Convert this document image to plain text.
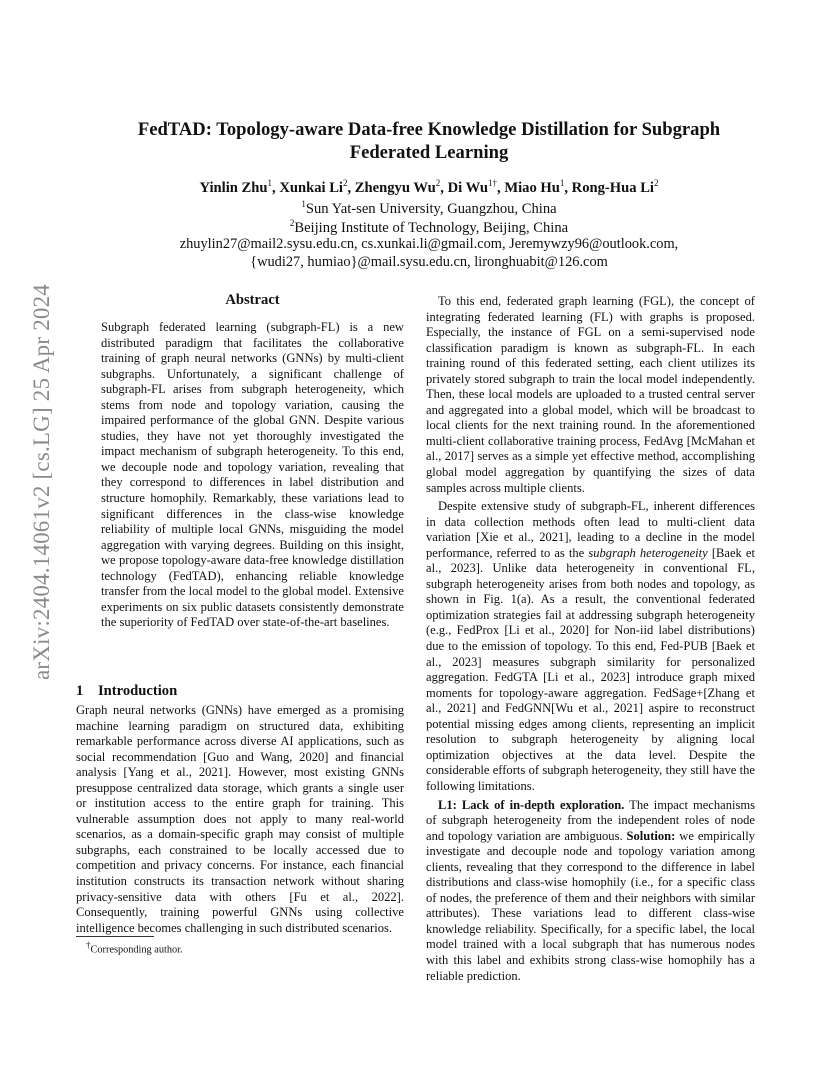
arXiv:2404.14061v2 [cs.LG] 25 Apr 2024
FedTAD: Topology-aware Data-free Knowledge Distillation for Subgraph
Federated Learning
Yinlin Zhu$^1$, Xunkai Li$^2$, Zhengyu Wu$^2$, Di $Wu^{1\dagger}$, Miao Hu$^1$, Rong-Hua Li$^2$
$^1$Sun Yat-sen University, Guangzhou, China
$^2$Beijing Institute of Technology, Beijing, China
zhuylin27@mail2.sysu.edu.cn, cs.xunkai.li@gmail.com, Jeremywzy96@outlook.com,
{wudi27, humiao}@mail.sysu.edu.cn, lironghuabit@126.com
Abstract

Subgraph federated learning (subgraph-FL) is a new distributed paradigm that facilitates the collaborative training of graph neural networks (GNNs) by multi-client subgraphs. Unfortunately, a significant challenge of subgraph-FL arises from subgraph heterogeneity, which stems from node and topology variation, causing the impaired performance of the global GNN. Despite various studies, they have not yet thoroughly investigated the impact mechanism of subgraph heterogeneity. To this end, we decouple node and topology variation, revealing that they correspond to differences in label distribution and structure homophily. Remarkably, these variations lead to significant differences in the class-wise knowledge reliability of multiple local GNNs, misguiding the model aggregation with varying degrees. Building on this insight, we propose topology-aware data-free knowledge distillation technology (FedTAD), enhancing reliable knowledge transfer from the local model to the global model. Extensive experiments on six public datasets consistently demonstrate the superiority of FedTAD over state-of-the-art baselines.

1 Introduction

Graph neural networks (GNNs) have emerged as a promising machine learning paradigm on structured data, exhibiting remarkable performance across diverse AI applications, such as social recommendation [Guo and Wang, 2020] and financial analysis [Yang et al., 2021]. However, most existing GNNs presuppose centralized data storage, which grants a single user or institution access to the entire graph for training. This vulnerable assumption does not apply to many real-world scenarios, as a domain-specific graph may consist of multiple subgraphs, each constrained to be locally accessed due to competition and privacy concerns. For instance, each financial institution constructs its transaction network without sharing privacy-sensitive data with others [Fu et al., 2022]. Consequently, training powerful GNNs using collective intelligence becomes challenging in such distributed scenarios.

†Corresponding author.

To this end, federated graph learning (FGL), the concept of integrating federated learning (FL) with graphs is proposed. Especially, the instance of FGL on a semi-supervised node classification paradigm is known as subgraph-FL. In each training round of this federated setting, each client utilizes its privately stored subgraph to train the local model independently. Then, these local models are uploaded to a trusted central server and aggregated into a global model, which will be broadcast to local clients for the next training round. In the aforementioned multi-client collaborative training process, FedAvg [McMahan et al., 2017] serves as a simple yet effective method, accomplishing global model aggregation by quantifying the sizes of data samples across multiple clients.

Despite extensive study of subgraph-FL, inherent differences in data collection methods often lead to multi-client data variation [Xie et al., 2021], leading to a decline in the model performance, referred to as the subgraph heterogeneity [Baek et al., 2023]. Unlike data heterogeneity in conventional FL, subgraph heterogeneity arises from both nodes and topology, as shown in Fig. 1(a). As a result, the conventional federated optimization strategies fail at addressing subgraph heterogeneity (e.g., FedProx [Li et al., 2020] for Non-iid label distributions) due to the emission of topology. To this end, Fed-PUB [Baek et al., 2023] measures subgraph similarity for personalized aggregation. FedGTA [Li et al., 2023] introduce graph mixed moments for topology-aware aggregation. FedSage+[Zhang et al., 2021] and FedGNN[Wu et al., 2021] aspire to reconstruct potential missing edges among clients, representing an implicit resolution to subgraph heterogeneity by aligning local optimization objectives at the data level. Despite the considerable efforts of subgraph heterogeneity, they still have the following limitations.

L1: Lack of in-depth exploration. The impact mechanisms of subgraph heterogeneity from the independent roles of node and topology variation are ambiguous. Solution: we empirically investigate and decouple node and topology variation among clients, revealing that they correspond to the difference in label distributions and class-wise homophily (i.e., for a specific class of nodes, the preference of them and their neighbors with similar attributes). These variations lead to different class-wise knowledge reliability. Specifically, for a specific label, the local model trained with a local subgraph that has numerous nodes with this label and exhibits strong class-wise homophily has a reliable prediction.
